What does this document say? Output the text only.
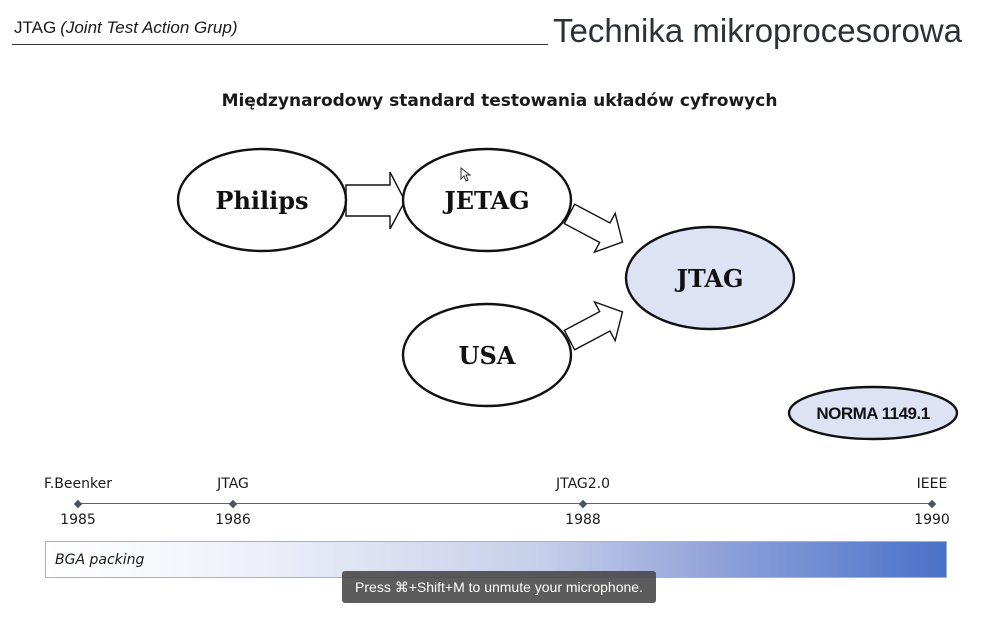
JTAG (Joint Test Action Grup)	Technika mikroprocesorowa
Międzynarodowy standard testowania układów cyfrowych
Philips	JETAG
USA
JTAG
NORMA 1149.1
F.Beenker	JTAG	JTAG2.0	IEEE
1985	1986	1988	1990
BGA packing
Press ⌘+Shift+M to unmute your microphone.
